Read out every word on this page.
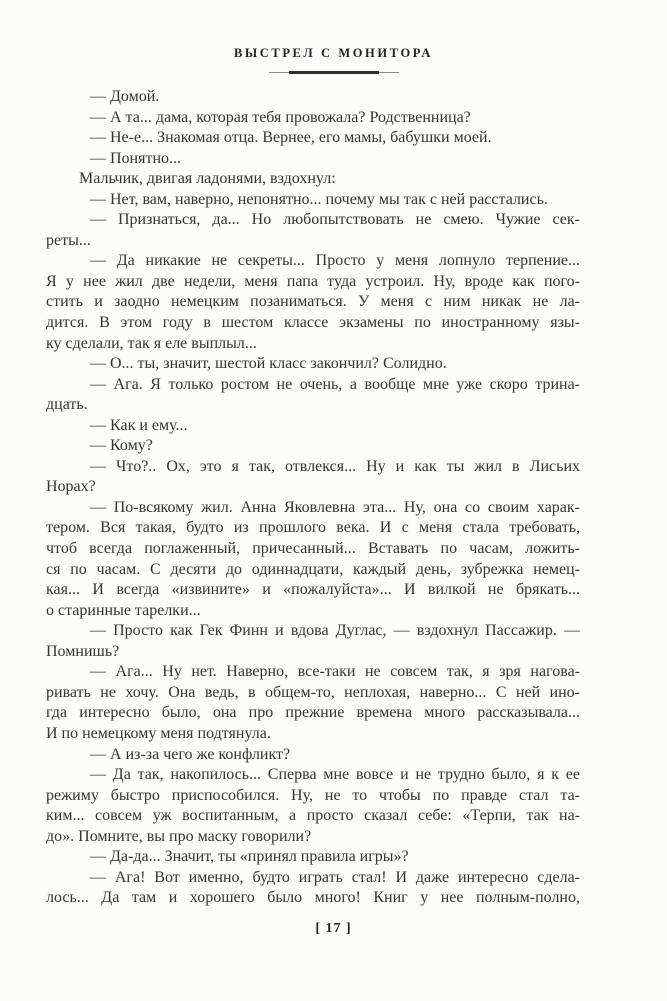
ВЫСТРЕЛ С МОНИТОРА

— Домой.

— А та... дама, которая тебя провожала? Родственница?

— Не-е... Знакомая отца. Вернее, его мамы, бабушки моей.

— Понятно...

Мальчик, двигая ладонями, вздохнул:

— Нет, вам, наверно, непонятно... почему мы так с ней расстались.

— Признаться, да... Но любопытствовать не смею. Чужие сек-
реты...

— Да никакие не секреты... Просто у меня лопнуло терпение...
Я у нее жил две недели, меня папа туда устроил. Ну, вроде как пого-
стить и заодно немецким позаниматься. У меня с ним никак не ла-
дится. В этом году в шестом классе экзамены по иностранному язы-
ку сделали, так я еле выплыл...

— О... ты, значит, шестой класс закончил? Солидно.

— Ага. Я только ростом не очень, а вообще мне уже скоро трина-
дцать.

— Как и ему...

— Кому?

— Что?.. Ох, это я так, отвлекся... Ну и как ты жил в Лисьих
Норах?

— По-всякому жил. Анна Яковлевна эта... Ну, она со своим харак-
тером. Вся такая, будто из прошлого века. И с меня стала требовать,
чтоб всегда поглаженный, причесанный... Вставать по часам, ложить-
ся по часам. С десяти до одиннадцати, каждый день, зубрежка немец-
кая... И всегда «извините» и «пожалуйста»... И вилкой не брякать...
о старинные тарелки...

— Просто как Гек Финн и вдова Дуглас, — вздохнул Пассажир. —
Помнишь?

— Ага... Ну нет. Наверно, все-таки не совсем так, я зря нагова-
ривать не хочу. Она ведь, в общем-то, неплохая, наверно... С ней ино-
гда интересно было, она про прежние времена много рассказывала...
И по немецкому меня подтянула.

— А из-за чего же конфликт?

— Да так, накопилось... Сперва мне вовсе и не трудно было, я к ее
режиму быстро приспособился. Ну, не то чтобы по правде стал та-
ким... совсем уж воспитанным, а просто сказал себе: «Терпи, так на-
до». Помните, вы про маску говорили?

— Да-да... Значит, ты «принял правила игры»?

— Ага! Вот именно, будто играть стал! И даже интересно сдела-
лось... Да там и хорошего было много! Книг у нее полным-полно,

[ 17 ]
